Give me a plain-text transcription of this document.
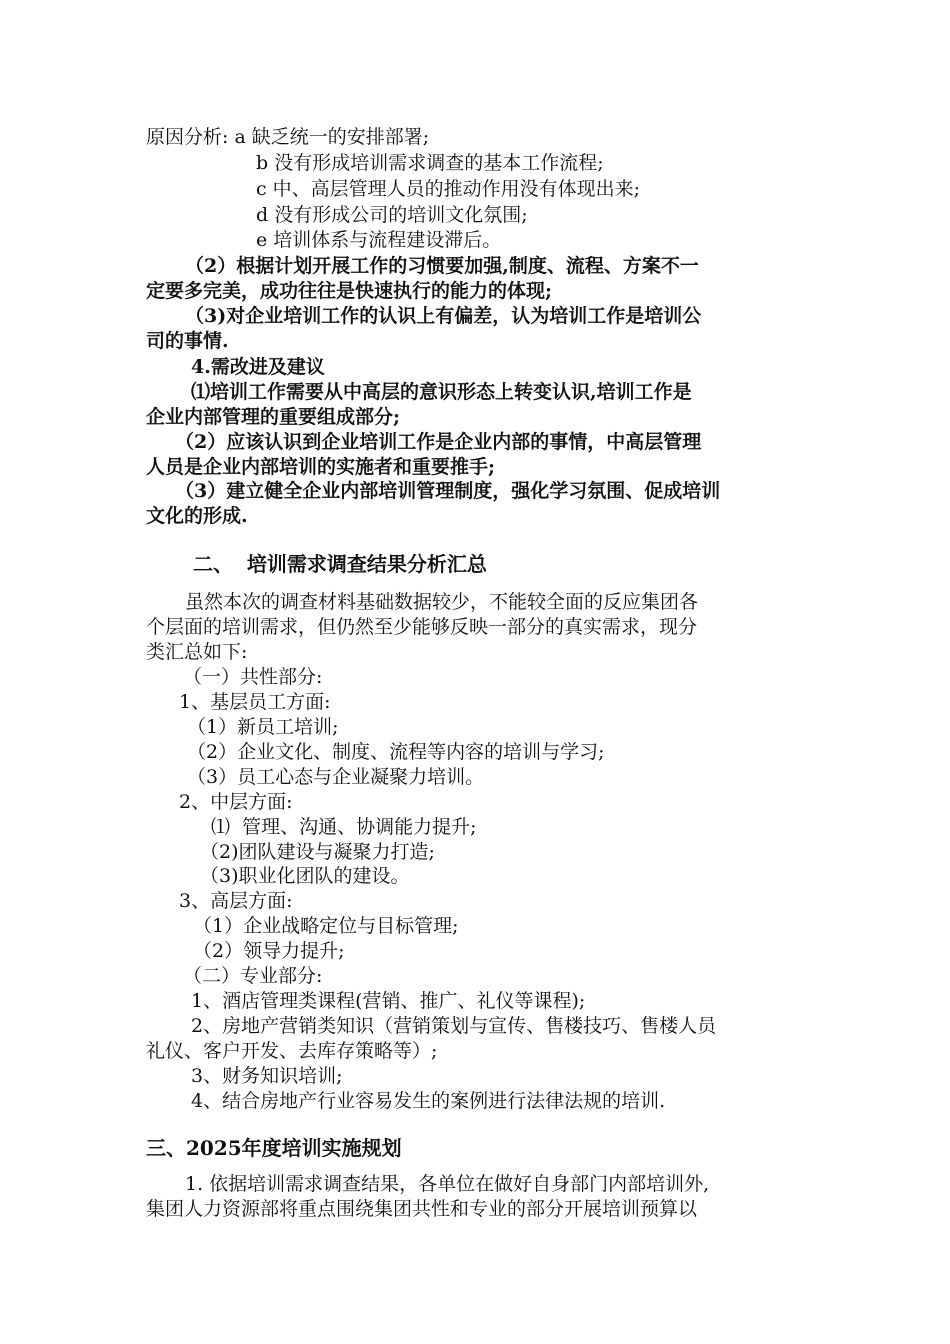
原因分析: a 缺乏统一的安排部署;
b 没有形成培训需求调查的基本工作流程;
c 中、高层管理人员的推动作用没有体现出来;
d 没有形成公司的培训文化氛围;
e 培训体系与流程建设滞后。
（2）根据计划开展工作的习惯要加强,制度、流程、方案不一
定要多完美，成功往往是快速执行的能力的体现;
（3)对企业培训工作的认识上有偏差，认为培训工作是培训公
司的事情.
4.需改进及建议
⑴培训工作需要从中高层的意识形态上转变认识,培训工作是
企业内部管理的重要组成部分;
（2）应该认识到企业培训工作是企业内部的事情，中高层管理
人员是企业内部培训的实施者和重要推手;
（3）建立健全企业内部培训管理制度，强化学习氛围、促成培训
文化的形成.
二、  培训需求调查结果分析汇总
虽然本次的调查材料基础数据较少，不能较全面的反应集团各
个层面的培训需求，但仍然至少能够反映一部分的真实需求，现分
类汇总如下:
（一）共性部分:
1、基层员工方面:
（1）新员工培训;
（2）企业文化、制度、流程等内容的培训与学习;
（3）员工心态与企业凝聚力培训。
2、中层方面:
⑴  管理、沟通、协调能力提升;
（2)团队建设与凝聚力打造;
（3)职业化团队的建设。
3、高层方面:
（1）企业战略定位与目标管理;
（2）领导力提升;
（二）专业部分:
1、酒店管理类课程(营销、推广、礼仪等课程);
2、房地产营销类知识（营销策划与宣传、售楼技巧、售楼人员
礼仪、客户开发、去库存策略等）;
3、财务知识培训;
4、结合房地产行业容易发生的案例进行法律法规的培训.
三、2025年度培训实施规划
1. 依据培训需求调查结果，各单位在做好自身部门内部培训外,
集团人力资源部将重点围绕集团共性和专业的部分开展培训预算以
